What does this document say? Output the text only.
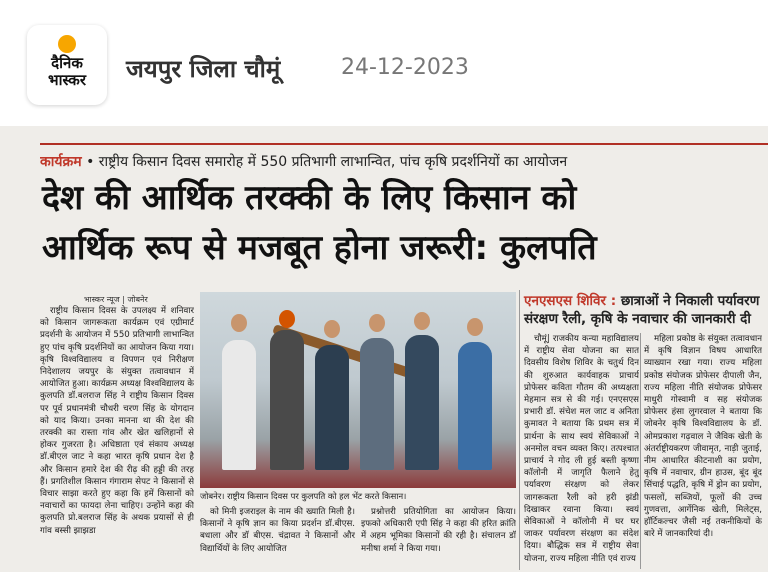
दैनिक
भास्कर	जयपुर जिला चौमूं	24-12-2023
कार्यक्रम • राष्ट्रीय किसान दिवस समारोह में 550 प्रतिभागी लाभान्वित, पांच कृषि प्रदर्शनियों का आयोजन
देश की आर्थिक तरक्की के लिए किसान को
आर्थिक रूप से मजबूत होना जरूरी: कुलपति
भास्कर न्यूज | जोबनेर

राष्ट्रीय किसान दिवस के उपलक्ष्य में शनिवार को किसान जागरूकता कार्यक्रम एवं एग्रीमार्ट प्रदर्शनी के आयोजन में 550 प्रतिभागी लाभान्वित हुए पांच कृषि प्रदर्शनियों का आयोजन किया गया। कृषि विश्वविद्यालय व विपणन एवं निरीक्षण निदेशालय जयपुर के संयुक्त तत्वावधान में आयोजित हुआ। कार्यक्रम अध्यक्ष विश्वविद्यालय के कुलपति डॉ.बलराज सिंह ने राष्ट्रीय किसान दिवस पर पूर्व प्रधानमंत्री चौधरी चरण सिंह के योगदान को याद किया। उनका मानना था की देश की तरक्की का रास्ता गांव और खेत खलिहानों से होकर गुजरता है। अधिष्ठाता एवं संकाय अध्यक्ष डॉ.बीएल जाट ने कहा भारत कृषि प्रधान देश है और किसान हमारे देश की रीढ़ की हड्डी की तरह हैं। प्रगतिशील किसान गंगाराम सेपट ने किसानों से विचार साझा करते हुए कहा कि हमें किसानों को नवाचारों का फायदा लेना चाहिए। उन्होंने कहा की कुलपति प्रो.बलराज सिंह के अथक प्रयासों से ही गांव बस्सी झाझडा

जोबनेर। राष्ट्रीय किसान दिवस पर कुलपति को हल भेंट करते किसान।

को मिनी इजराइल के नाम की ख्याति मिली है। किसानों ने कृषि ज्ञान का किया प्रदर्शन डॉ.बीएस. बधाला और डॉ बीएस. चंद्रावत ने किसानों और विद्यार्थियों के लिए आयोजित

प्रश्नोत्तरी प्रतियोगिता का आयोजन किया। इफको अधिकारी एपी सिंह ने कहा की हरित क्रांति में अहम भूमिका किसानों की रही है। संचालन डॉ मनीषा शर्मा ने किया गया।

एनएसएस शिविर : छात्राओं ने निकाली पर्यावरण संरक्षण रैली, कृषि के नवाचार की जानकारी दी

चौमूं| राजकीय कन्या महाविद्यालय में राष्ट्रीय सेवा योजना का सात दिवसीय विशेष शिविर के चतुर्थ दिन की शुरुआत कार्यवाहक प्राचार्य प्रोफेसर कविता गौतम की अध्यक्षता मेहमान सत्र से की गई। एनएसएस प्रभारी डॉ. संचेश मल जाट व अनिता कुमावत ने बताया कि प्रथम सत्र में प्रार्थना के साथ स्वयं सेविकाओं ने अनमोल वचन व्यक्त किए। तत्पश्चात प्राचार्य ने गोद ली हुई बस्ती कृष्णा कॉलोनी में जागृति फैलाने हेतु पर्यावरण संरक्षण को लेकर जागरूकता रैली को हरी झंडी दिखाकर रवाना किया। स्वयं सेविकाओं ने कॉलोनी में घर घर जाकर पर्यावरण संरक्षण का संदेश दिया। बौद्धिक सत्र में राष्ट्रीय सेवा योजना, राज्य महिला नीति एवं राज्य

महिला प्रकोष्ठ के संयुक्त तत्वावधान में कृषि विज्ञान विषय आधारित व्याख्यान रखा गया। राज्य महिला प्रकोष्ठ संयोजक प्रोफेसर दीपाली जैन, राज्य महिला नीति संयोजक प्रोफेसर माधुरी गोस्वामी व सह संयोजक प्रोफेसर हंसा लुगरवाल ने बताया कि जोबनेर कृषि विश्वविद्यालय के डॉ. ओमप्रकाश गढ़वाल ने जैविक खेती के अंतर्राष्ट्रीयकरण जीवामृत, नाड़ी जुताई, नीम आधारित कीटनाशी का प्रयोग, कृषि में नवाचार, ग्रीन हाउस, बूंद बूंद सिंचाई पद्धति, कृषि में ड्रोन का प्रयोग, फसलों, सब्जियों, फूलों की उच्च गुणवत्ता, आर्गेनिक खेती, मिलेट्स, हॉर्टिकल्चर जैसी नई तकनीकियों के बारे में जानकारियां दी।
